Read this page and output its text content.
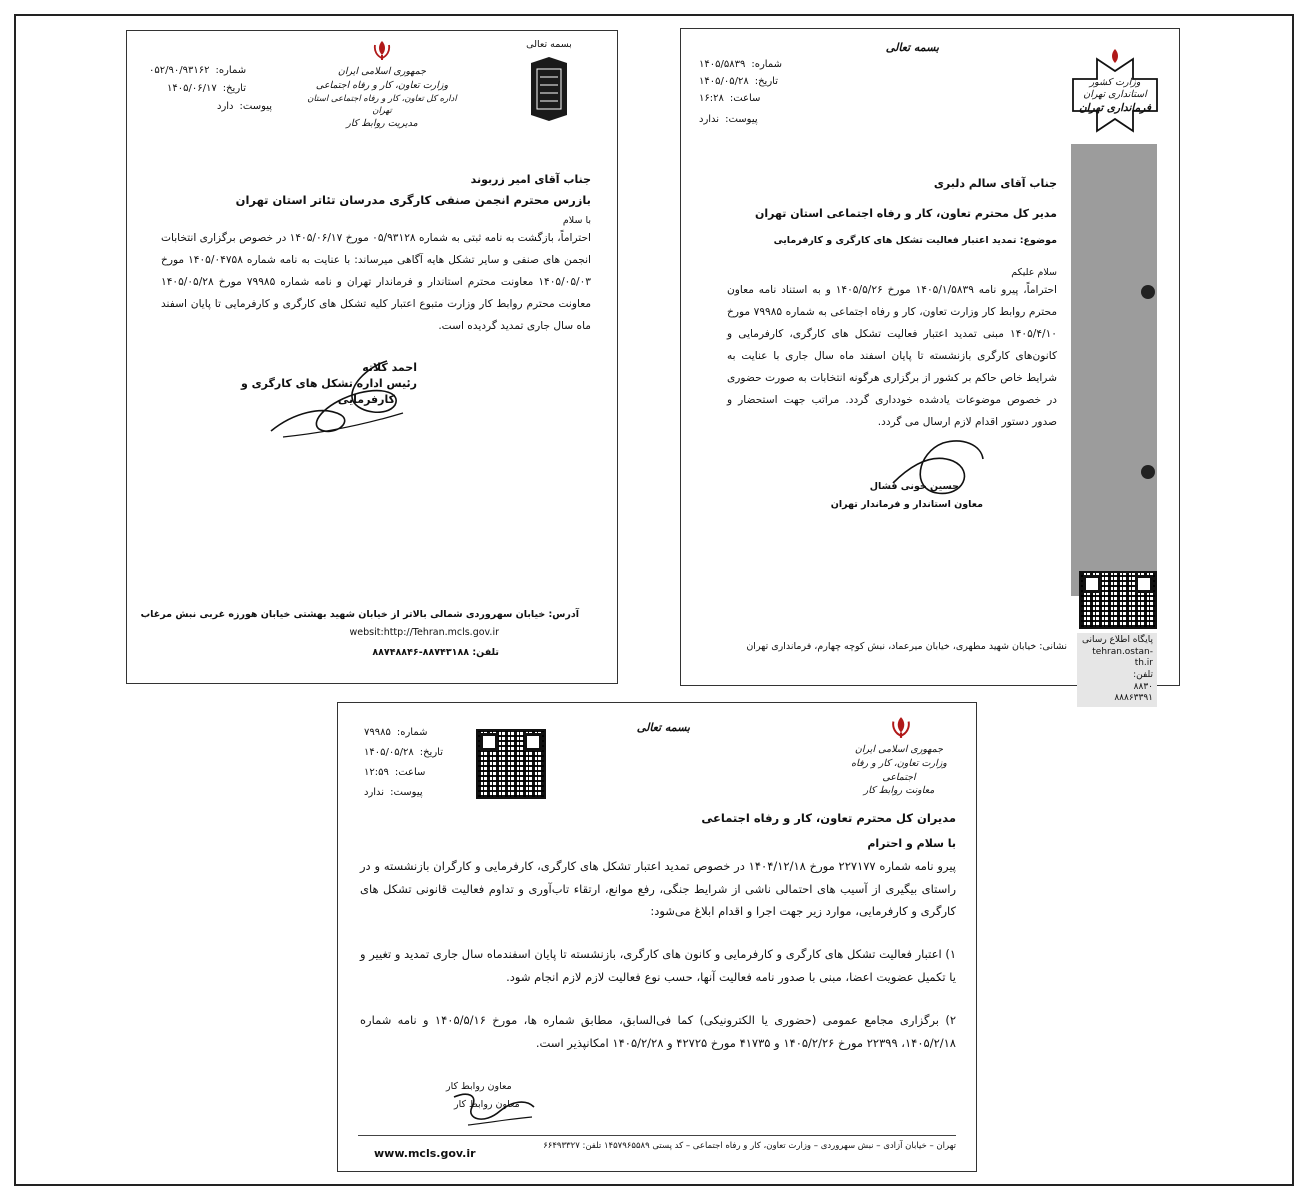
بسمه تعالی
جمهوری اسلامی ایران
وزارت تعاون، کار و رفاه اجتماعی
اداره کل تعاون، کار و رفاه اجتماعی استان تهران
مدیریت روابط کار
شماره:
۰۵۲/۹۰/۹۳۱۶۲
تاریخ:
۱۴۰۵/۰۶/۱۷
پیوست:
دارد
جناب آقای امیر زربوند
بازرس محترم انجمن صنفی کارگری مدرسان تئاتر استان تهران
با سلام
احتراماً، بازگشت به نامه ثبتی به شماره ۰۵/۹۳۱۲۸ مورخ ۱۴۰۵/۰۶/۱۷ در خصوص برگزاری انتخابات انجمن های صنفی و سایر تشکل هایه آگاهی میرساند: با عنایت به نامه شماره ۱۴۰۵/۰۴۷۵۸ مورخ ۱۴۰۵/۰۵/۰۳ معاونت محترم استاندار و فرماندار تهران و نامه شماره ۷۹۹۸۵ مورخ ۱۴۰۵/۰۵/۲۸ معاونت محترم روابط کار وزارت متبوع اعتبار کلیه تشکل های کارگری و کارفرمایی تا پایان اسفند ماه سال جاری تمدید گردیده است.
احمد کلاته
رئیس اداره تشکل های کارگری و
کارفرمایی
آدرس: خیابان سهروردی شمالی بالاتر از خیابان شهید بهشتی خیابان هورزه غربی نبش مرغاب
websit:http://Tehran.mcls.gov.ir
تلفن: ۸۸۷۴۳۱۸۸-۸۸۷۴۸۸۴۶
بسمه تعالی
وزارت کشور
استانداری تهران
فرمانداری تهران
شماره:
۱۴۰۵/۵۸۳۹
تاریخ:
۱۴۰۵/۰۵/۲۸
ساعت:
۱۶:۲۸
پیوست:
ندارد
جناب آقای سالم دلبری
مدیر کل محترم تعاون، کار و رفاه اجتماعی استان تهران
موضوع: تمدید اعتبار فعالیت تشکل های کارگری و کارفرمایی
سلام علیکم
احتراماً، پیرو نامه ۱۴۰۵/۱/۵۸۳۹ مورخ ۱۴۰۵/۵/۲۶ و به استناد نامه معاون محترم روابط کار وزارت تعاون، کار و رفاه اجتماعی به شماره ۷۹۹۸۵ مورخ ۱۴۰۵/۴/۱۰ مبنی تمدید اعتبار فعالیت تشکل های کارگری، کارفرمایی و کانون‌های کارگری بازنشسته تا پایان اسفند ماه سال جاری با عنایت به شرایط خاص حاکم بر کشور از برگزاری هرگونه انتخابات به صورت حضوری در خصوص موضوعات یادشده خودداری گردد. مراتب جهت استحضار و صدور دستور اقدام لازم ارسال می گردد.
حسین خونی فشال
معاون استاندار و فرماندار تهران
پایگاه اطلاع رسانی
tehran.ostan-th.ir
تلفن:
۸۸۳۰
۸۸۸۶۳۳۹۱
نشانی: خیابان شهید مطهری، خیابان میرعماد، نبش کوچه چهارم، فرمانداری تهران
بسمه تعالی
جمهوری اسلامی ایران
وزارت تعاون، کار و رفاه اجتماعی
معاونت روابط کار
شماره:
۷۹۹۸۵
تاریخ:
۱۴۰۵/۰۵/۲۸
ساعت:
۱۲:۵۹
پیوست:
ندارد
مدیران کل محترم تعاون، کار و رفاه اجتماعی
با سلام و احترام
پیرو نامه شماره ۲۲۷۱۷۷ مورخ ۱۴۰۴/۱۲/۱۸ در خصوص تمدید اعتبار تشکل های کارگری، کارفرمایی و کارگران بازنشسته و در راستای بیگیری از آسیب های احتمالی ناشی از شرایط جنگی، رفع موانع، ارتقاء تاب‌آوری و تداوم فعالیت قانونی تشکل های کارگری و کارفرمایی، موارد زیر جهت اجرا و اقدام ابلاغ می‌شود:
۱) اعتبار فعالیت تشکل های کارگری و کارفرمایی و کانون های کارگری، بازنشسته تا پایان اسفندماه سال جاری تمدید و تغییر و یا تکمیل عضویت اعضا، مبنی با صدور نامه فعالیت آنها، حسب نوع فعالیت لازم لازم انجام شود.
۲) برگزاری مجامع عمومی (حضوری یا الکترونیکی) کما فی‌السابق، مطابق شماره ها، مورخ ۱۴۰۵/۵/۱۶ و نامه شماره ۱۴۰۵/۲/۱۸، ۲۲۳۹۹ مورخ ۱۴۰۵/۲/۲۶ و ۴۱۷۳۵ مورخ ۴۲۷۲۵ و ۱۴۰۵/۲/۲۸ امکانپذیر است.
معاون روابط کار
معاون روابط کار
تهران – خیابان آزادی – نبش سهروردی – وزارت تعاون، کار و رفاه اجتماعی – کد پستی ۱۴۵۷۹۶۵۵۸۹ تلفن: ۶۶۴۹۳۳۲۷
www.mcls.gov.ir
